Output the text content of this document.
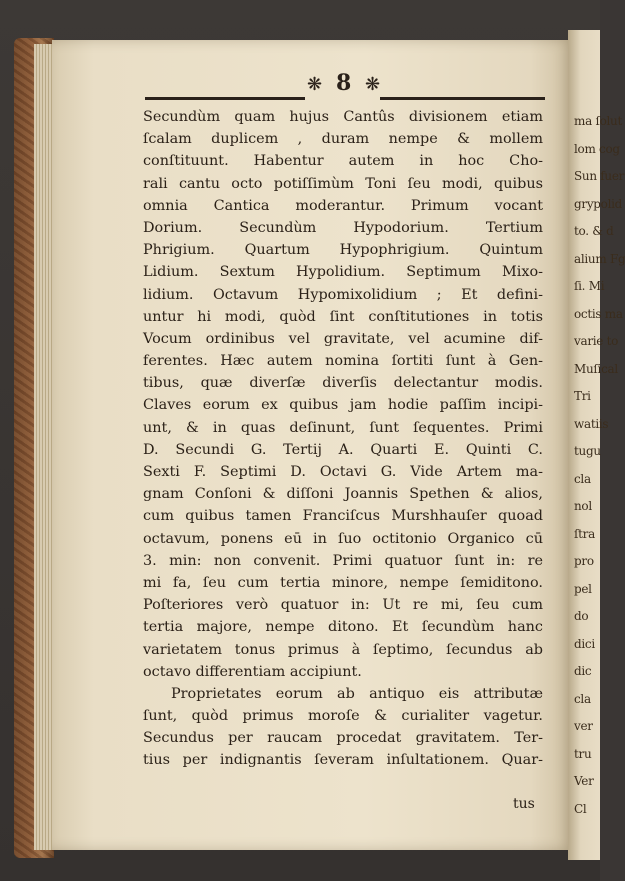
ma ſolut
lom cog
Sun fuer
grypolid
to. & d
alium Fg
ſi. Mi
octis ma
varie to
Muſical
Tri
watiis
tugu
cla
nol
ſtra
pro
pel
do
dici
dic
cla
ver
tru
Ver
Cl
❋ 8 ❋
Secundùm quam hujus Cantûs divisionem etiam
ſcalam duplicem , duram nempe & mollem
conſtituunt. Habentur autem in hoc Cho-
rali cantu octo potiſſimùm Toni ſeu modi, quibus
omnia Cantica moderantur. Primum vocant
Dorium. Secundùm Hypodorium. Tertium
Phrigium. Quartum Hypophrigium. Quintum
Lidium. Sextum Hypolidium. Septimum Mixo-
lidium. Octavum Hypomixolidium ; Et defini-
untur hi modi, quòd ſint conſtitutiones in totis
Vocum ordinibus vel gravitate, vel acumine dif-
ferentes. Hæc autem nomina ſortiti ſunt à Gen-
tibus, quæ diverſæ diverſis delectantur modis.
Claves eorum ex quibus jam hodie paſſim incipi-
unt, & in quas deſinunt, ſunt ſequentes. Primi
D. Secundi G. Tertij A. Quarti E. Quinti C.
Sexti F. Septimi D. Octavi G. Vide Artem ma-
gnam Conſoni & diſſoni Joannis Spethen & alios,
cum quibus tamen Franciſcus Murshhauſer quoad
octavum, ponens eū in ſuo octitonio Organico cū
3. min: non convenit. Primi quatuor ſunt in: re
mi fa, ſeu cum tertia minore, nempe ſemiditono.
Poſteriores verò quatuor in: Ut re mi, ſeu cum
tertia majore, nempe ditono. Et ſecundùm hanc
varietatem tonus primus à ſeptimo, ſecundus ab
octavo differentiam accipiunt.
Proprietates eorum ab antiquo eis attributæ
ſunt, quòd primus moroſe & curialiter vagetur.
Secundus per raucam procedat gravitatem. Ter-
tius per indignantis ſeveram inſultationem. Quar-
tus
